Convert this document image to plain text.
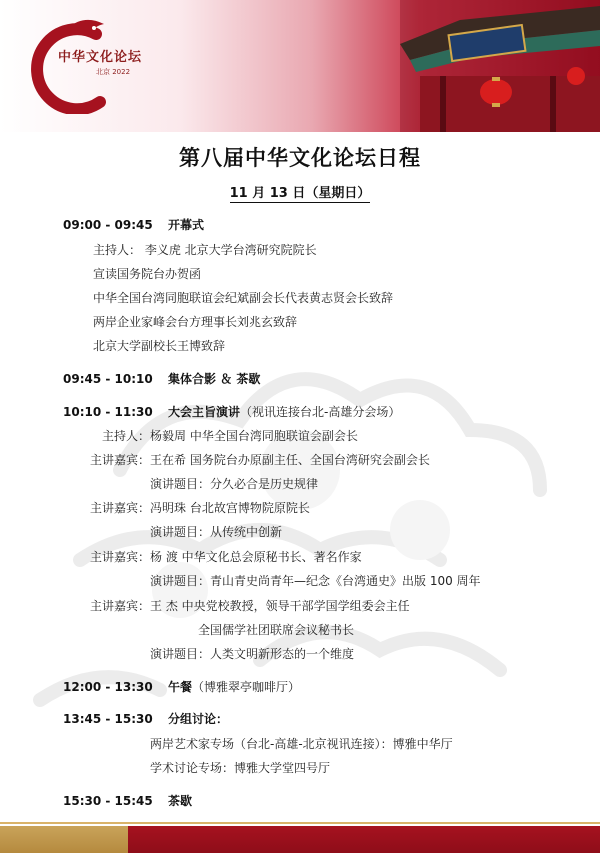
中华文化论坛
北京 2022
第八届中华文化论坛日程
11 月 13 日（星期日）
09:00 - 09:45 开幕式
主持人： 李义虎 北京大学台湾研究院院长
宣读国务院台办贺函
中华全国台湾同胞联谊会纪斌副会长代表黄志贤会长致辞
两岸企业家峰会台方理事长刘兆玄致辞
北京大学副校长王博致辞
09:45 - 10:10 集体合影 ＆ 茶歇
10:10 - 11:30 大会主旨演讲（视讯连接台北-高雄分会场）
主持人：杨毅周 中华全国台湾同胞联谊会副会长
主讲嘉宾：王在希 国务院台办原副主任、全国台湾研究会副会长
演讲题目：分久必合是历史规律
主讲嘉宾：冯明珠 台北故宫博物院原院长
演讲题目：从传统中创新
主讲嘉宾：杨 渡 中华文化总会原秘书长、著名作家
演讲题目：青山青史尚青年—纪念《台湾通史》出版 100 周年
主讲嘉宾：王 杰 中央党校教授，领导干部学国学组委会主任
全国儒学社团联席会议秘书长
演讲题目：人类文明新形态的一个维度
12:00 - 13:30 午餐（博雅翠亭咖啡厅）
13:45 - 15:30 分组讨论：
两岸艺术家专场（台北-高雄-北京视讯连接）：博雅中华厅
学术讨论专场：博雅大学堂四号厅
15:30 - 15:45 茶歇
